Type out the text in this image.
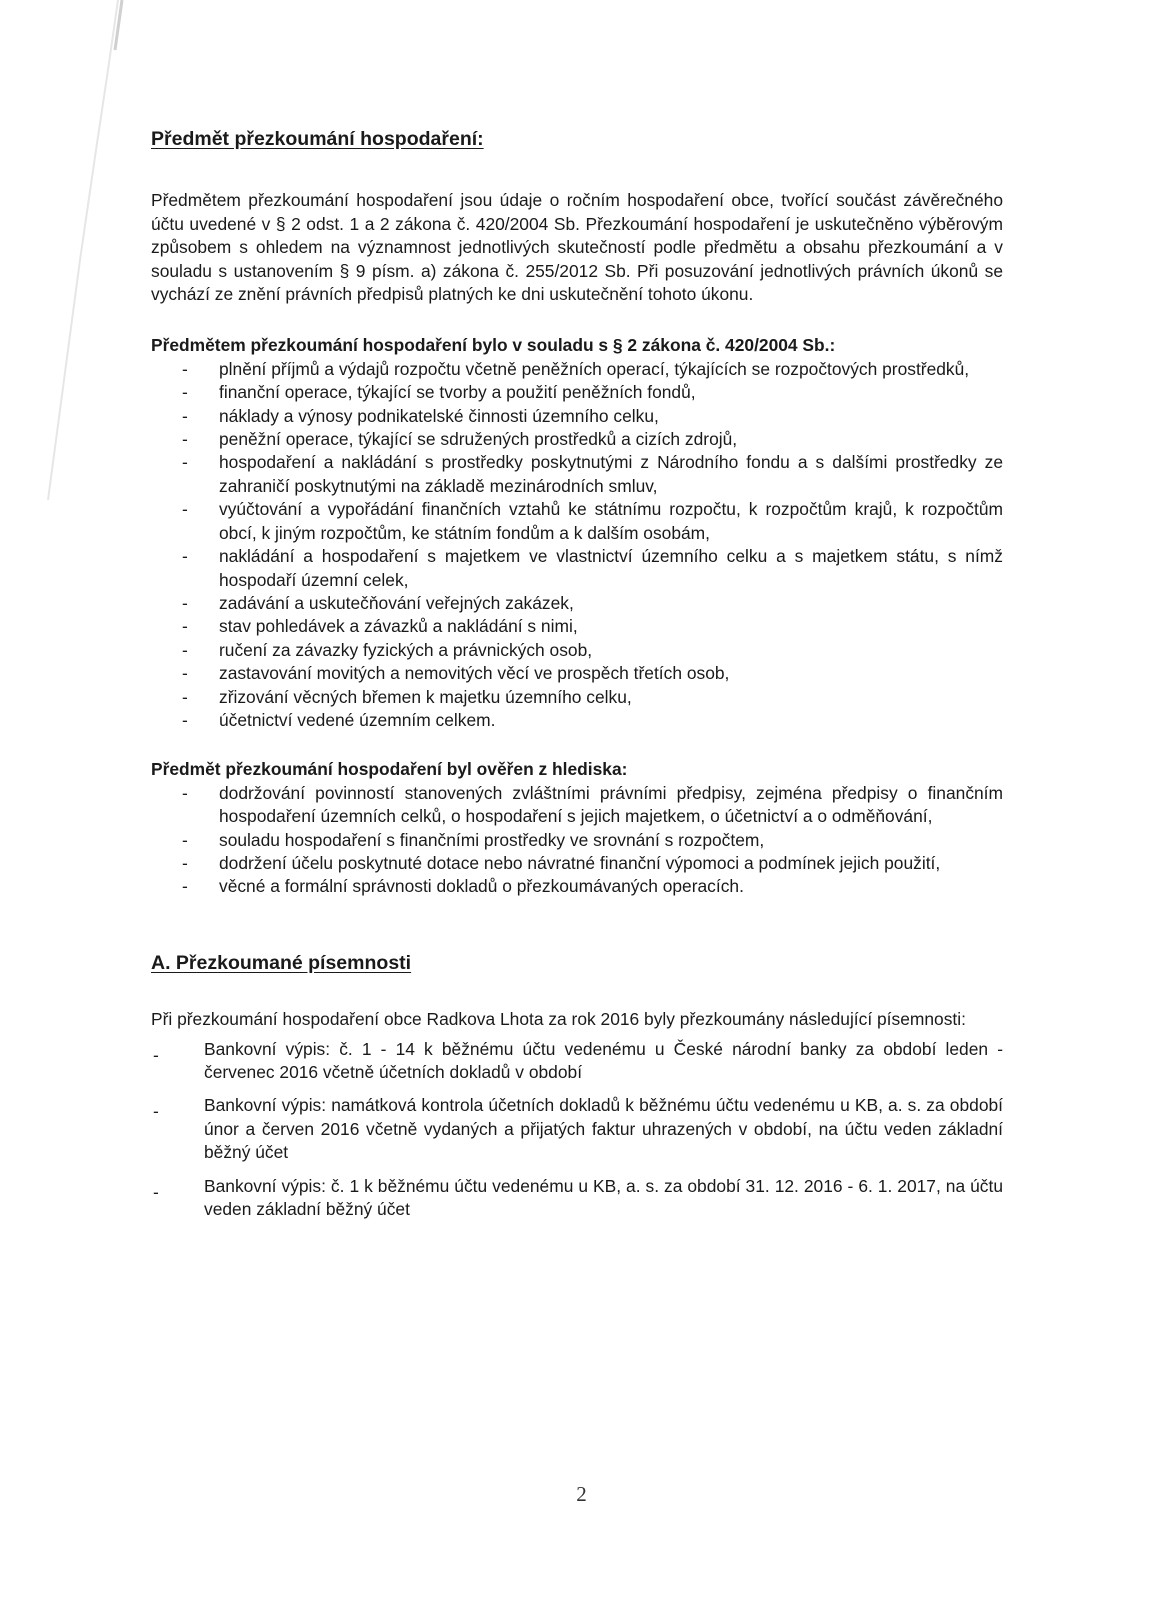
Předmět přezkoumání hospodaření:

Předmětem přezkoumání hospodaření jsou údaje o ročním hospodaření obce, tvořící součást závěrečného účtu uvedené v § 2 odst. 1 a 2 zákona č. 420/2004 Sb. Přezkoumání hospodaření je uskutečněno výběrovým způsobem s ohledem na významnost jednotlivých skutečností podle předmětu a obsahu přezkoumání a v souladu s ustanovením § 9 písm. a) zákona č. 255/2012 Sb. Při posuzování jednotlivých právních úkonů se vychází ze znění právních předpisů platných ke dni uskutečnění tohoto úkonu.

Předmětem přezkoumání hospodaření bylo v souladu s § 2 zákona č. 420/2004 Sb.:

- plnění příjmů a výdajů rozpočtu včetně peněžních operací, týkajících se rozpočtových prostředků,
- finanční operace, týkající se tvorby a použití peněžních fondů,
- náklady a výnosy podnikatelské činnosti územního celku,
- peněžní operace, týkající se sdružených prostředků a cizích zdrojů,
- hospodaření a nakládání s prostředky poskytnutými z Národního fondu a s dalšími prostředky ze zahraničí poskytnutými na základě mezinárodních smluv,
- vyúčtování a vypořádání finančních vztahů ke státnímu rozpočtu, k rozpočtům krajů, k rozpočtům obcí, k jiným rozpočtům, ke státním fondům a k dalším osobám,
- nakládání a hospodaření s majetkem ve vlastnictví územního celku a s majetkem státu, s nímž hospodaří územní celek,
- zadávání a uskutečňování veřejných zakázek,
- stav pohledávek a závazků a nakládání s nimi,
- ručení za závazky fyzických a právnických osob,
- zastavování movitých a nemovitých věcí ve prospěch třetích osob,
- zřizování věcných břemen k majetku územního celku,
- účetnictví vedené územním celkem.

Předmět přezkoumání hospodaření byl ověřen z hlediska:

- dodržování povinností stanovených zvláštními právními předpisy, zejména předpisy o finančním hospodaření územních celků, o hospodaření s jejich majetkem, o účetnictví a o odměňování,
- souladu hospodaření s finančními prostředky ve srovnání s rozpočtem,
- dodržení účelu poskytnuté dotace nebo návratné finanční výpomoci a podmínek jejich použití,
- věcné a formální správnosti dokladů o přezkoumávaných operacích.
A. Přezkoumané písemnosti

Při přezkoumání hospodaření obce Radkova Lhota za rok 2016 byly přezkoumány následující písemnosti:

-	Bankovní výpis: č. 1 - 14 k běžnému účtu vedenému u České národní banky za období leden - červenec 2016 včetně účetních dokladů v období
-	Bankovní výpis: namátková kontrola účetních dokladů k běžnému účtu vedenému u KB, a. s. za období únor a červen 2016 včetně vydaných a přijatých faktur uhrazených v období, na účtu veden základní běžný účet
-	Bankovní výpis: č. 1 k běžnému účtu vedenému u KB, a. s. za období 31. 12. 2016 - 6. 1. 2017, na účtu veden základní běžný účet
2
